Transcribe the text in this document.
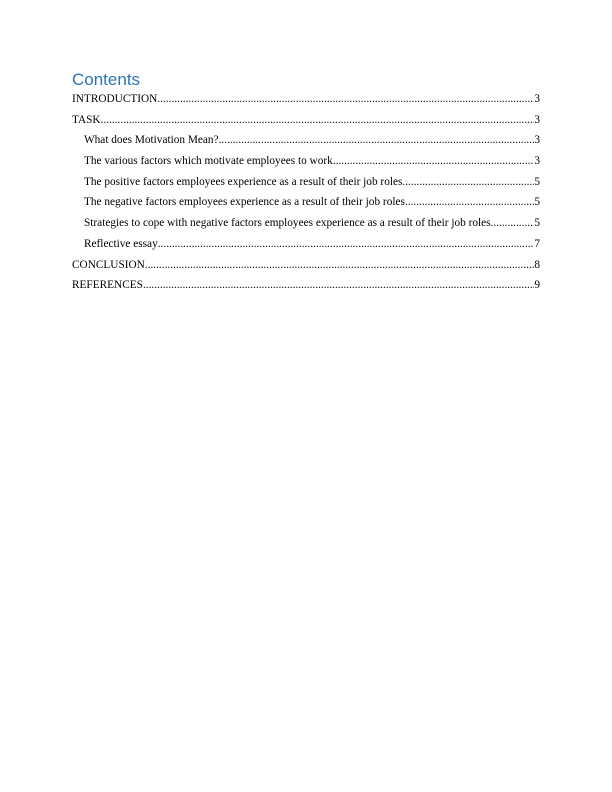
Contents
INTRODUCTION .....	3
TASK .....	3
What does Motivation Mean? .....	3
The various factors which motivate employees to work .....	3
The positive factors employees experience as a result of their job roles .....	5
The negative factors employees experience as a result of their job roles .....	5
Strategies to cope with negative factors employees experience as a result of their job roles .....	5
Reflective essay .....	7
CONCLUSION .....	8
REFERENCES .....	9
